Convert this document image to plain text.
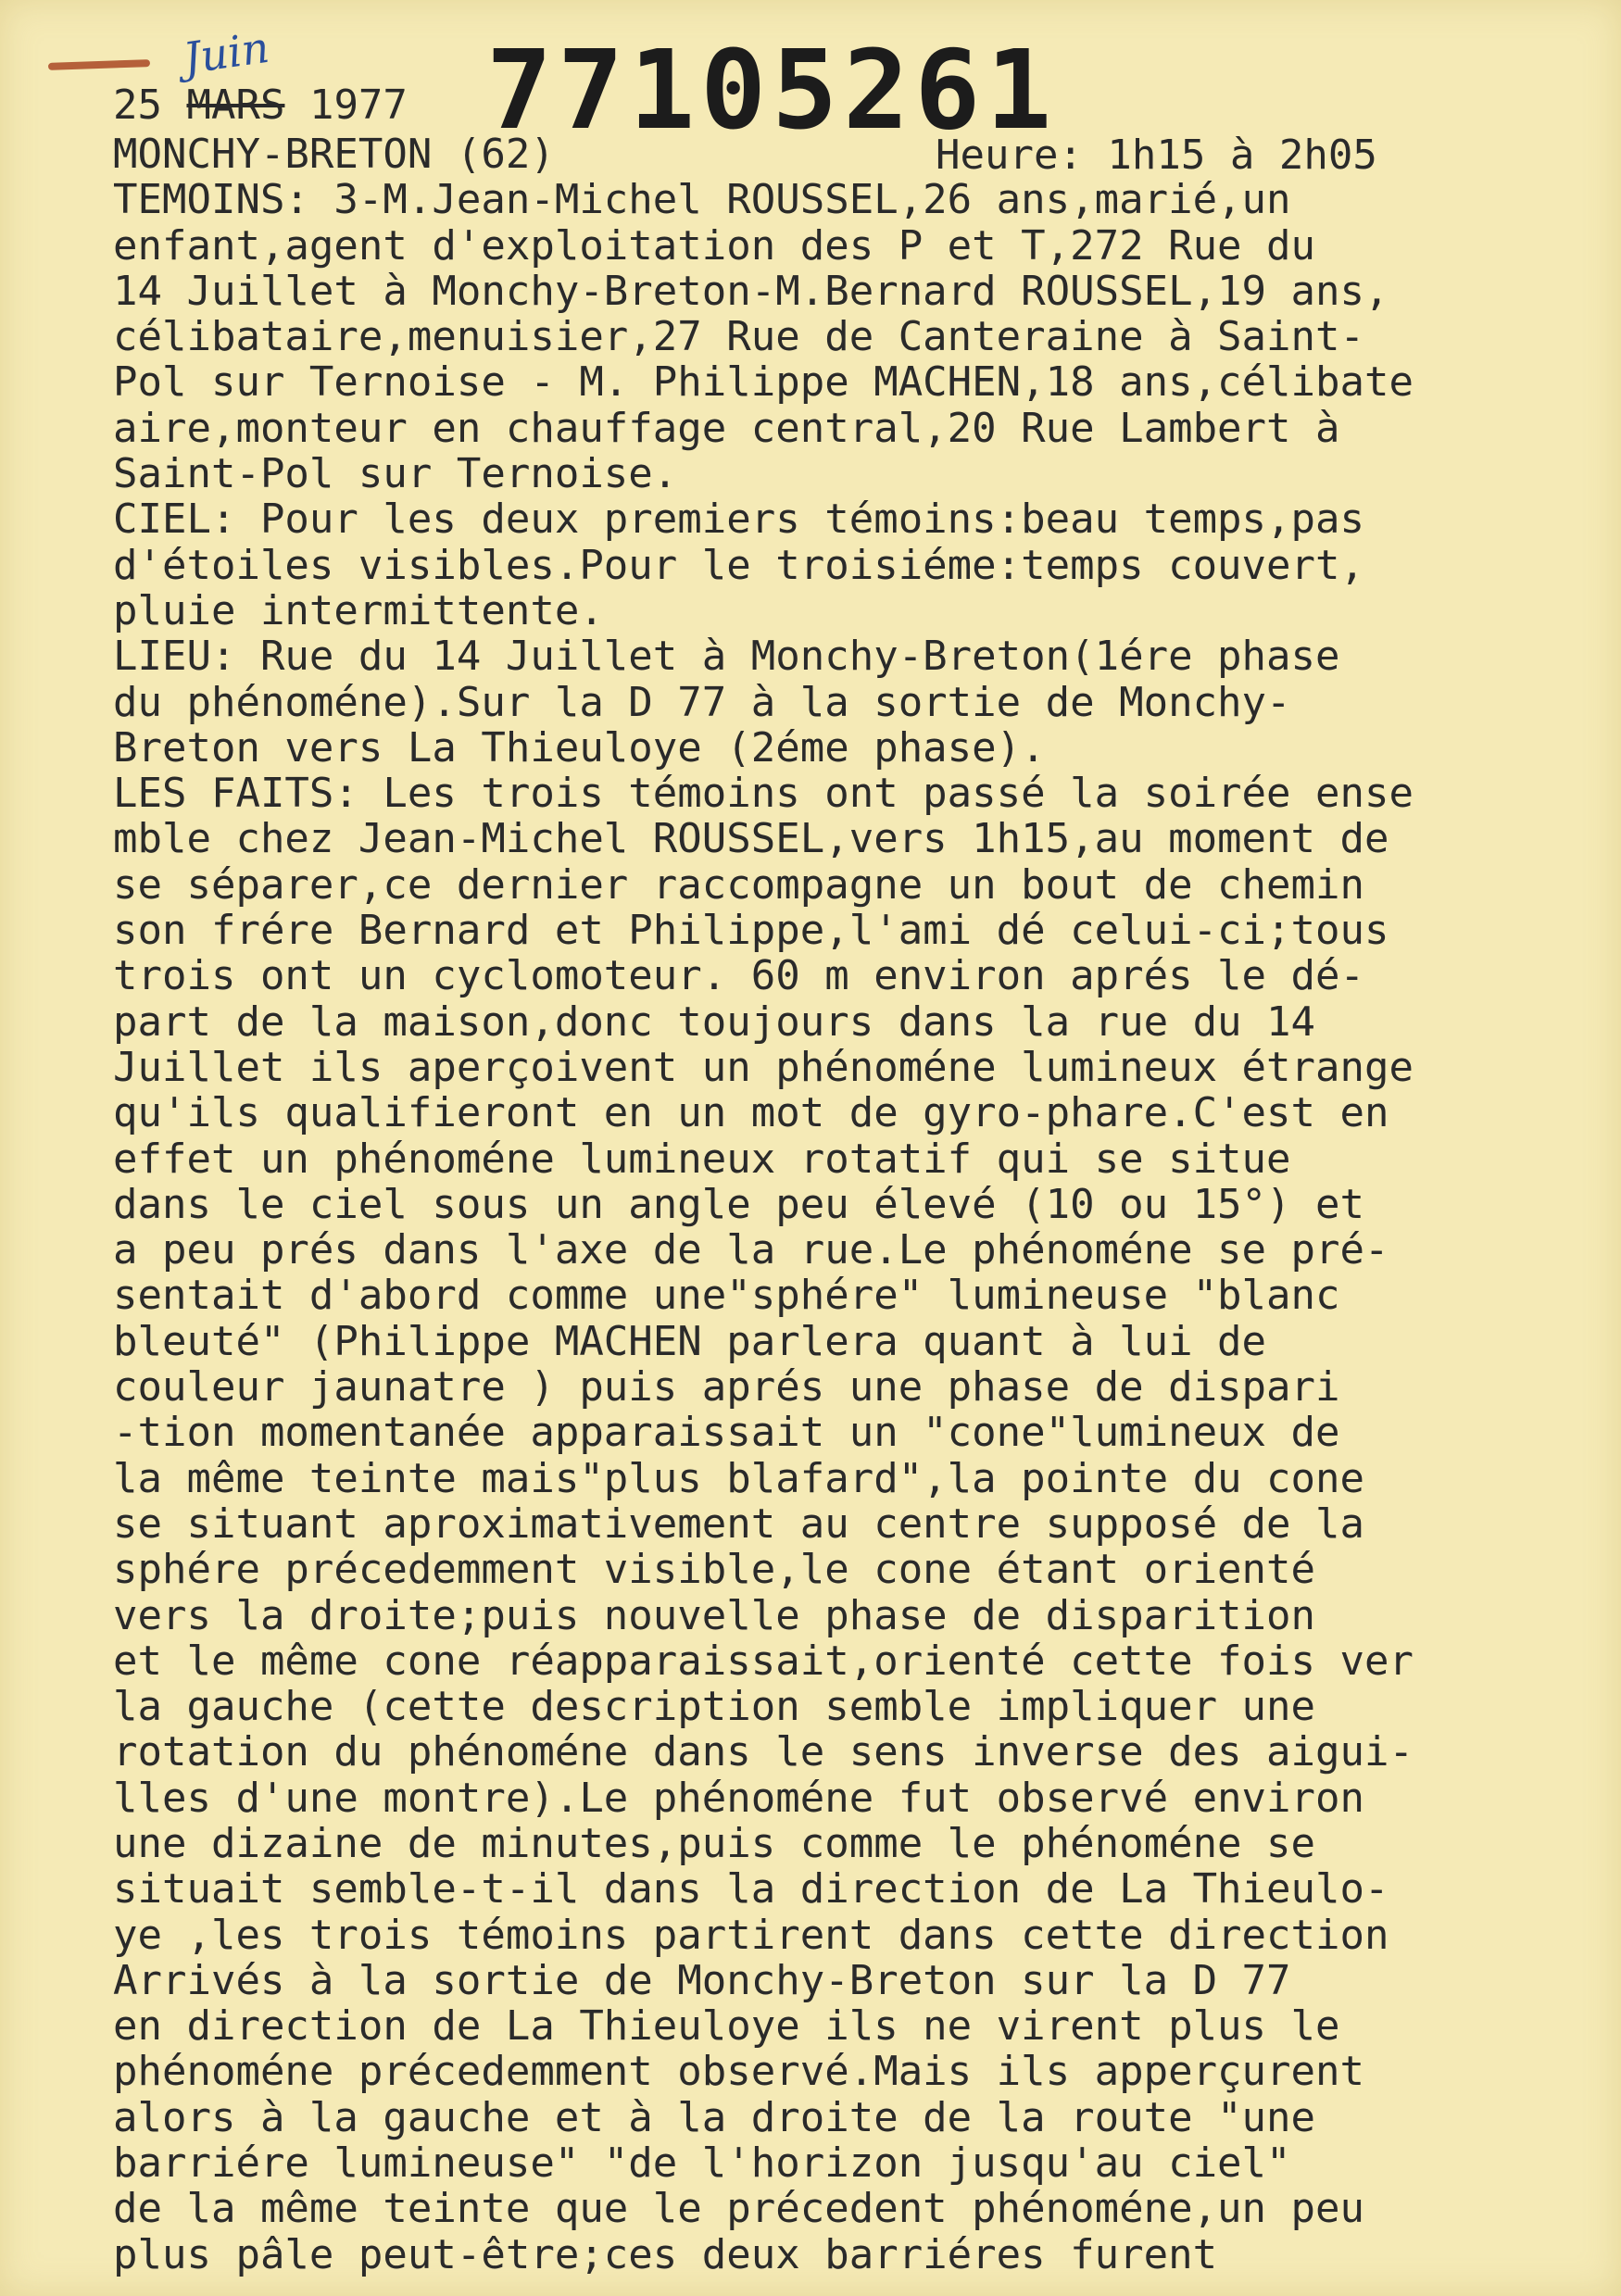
Juin
25 MARS 1977 77105261
Heure: 1h15 à 2h05
MONCHY-BRETON (62)
TEMOINS: 3-M.Jean-Michel ROUSSEL,26 ans,marié,un
enfant,agent d'exploitation des P et T,272 Rue du
14 Juillet à Monchy-Breton-M.Bernard ROUSSEL,19 ans,
célibataire,menuisier,27 Rue de Canteraine à Saint-
Pol sur Ternoise - M. Philippe MACHEN,18 ans,célibate
aire,monteur en chauffage central,20 Rue Lambert à
Saint-Pol sur Ternoise.
CIEL: Pour les deux premiers témoins:beau temps,pas
d'étoiles visibles.Pour le troisiéme:temps couvert,
pluie intermittente.
LIEU: Rue du 14 Juillet à Monchy-Breton(1ére phase
du phénoméne).Sur la D 77 à la sortie de Monchy-
Breton vers La Thieuloye (2éme phase).
LES FAITS: Les trois témoins ont passé la soirée ense
mble chez Jean-Michel ROUSSEL,vers 1h15,au moment de
se séparer,ce dernier raccompagne un bout de chemin
son frére Bernard et Philippe,l'ami dé celui-ci;tous
trois ont un cyclomoteur. 60 m environ aprés le dé-
part de la maison,donc toujours dans la rue du 14
Juillet ils aperçoivent un phénoméne lumineux étrange
qu'ils qualifieront en un mot de gyro-phare.C'est en
effet un phénoméne lumineux rotatif qui se situe
dans le ciel sous un angle peu élevé (10 ou 15°) et
a peu prés dans l'axe de la rue.Le phénoméne se pré-
sentait d'abord comme une"sphére" lumineuse "blanc
bleuté" (Philippe MACHEN parlera quant à lui de
couleur jaunatre ) puis aprés une phase de dispari
-tion momentanée apparaissait un "cone"lumineux de
la même teinte mais"plus blafard",la pointe du cone
se situant aproximativement au centre supposé de la
sphére précedemment visible,le cone étant orienté
vers la droite;puis nouvelle phase de disparition
et le même cone réapparaissait,orienté cette fois ver
la gauche (cette description semble impliquer une
rotation du phénoméne dans le sens inverse des aigui-
lles d'une montre).Le phénoméne fut observé environ
une dizaine de minutes,puis comme le phénoméne se
situait semble-t-il dans la direction de La Thieulo-
ye ,les trois témoins partirent dans cette direction
Arrivés à la sortie de Monchy-Breton sur la D 77
en direction de La Thieuloye ils ne virent plus le
phénoméne précedemment observé.Mais ils apperçurent
alors à la gauche et à la droite de la route "une
barriére lumineuse" "de l'horizon jusqu'au ciel"
de la même teinte que le précedent phénoméne,un peu
plus pâle peut-être;ces deux barriéres furent
